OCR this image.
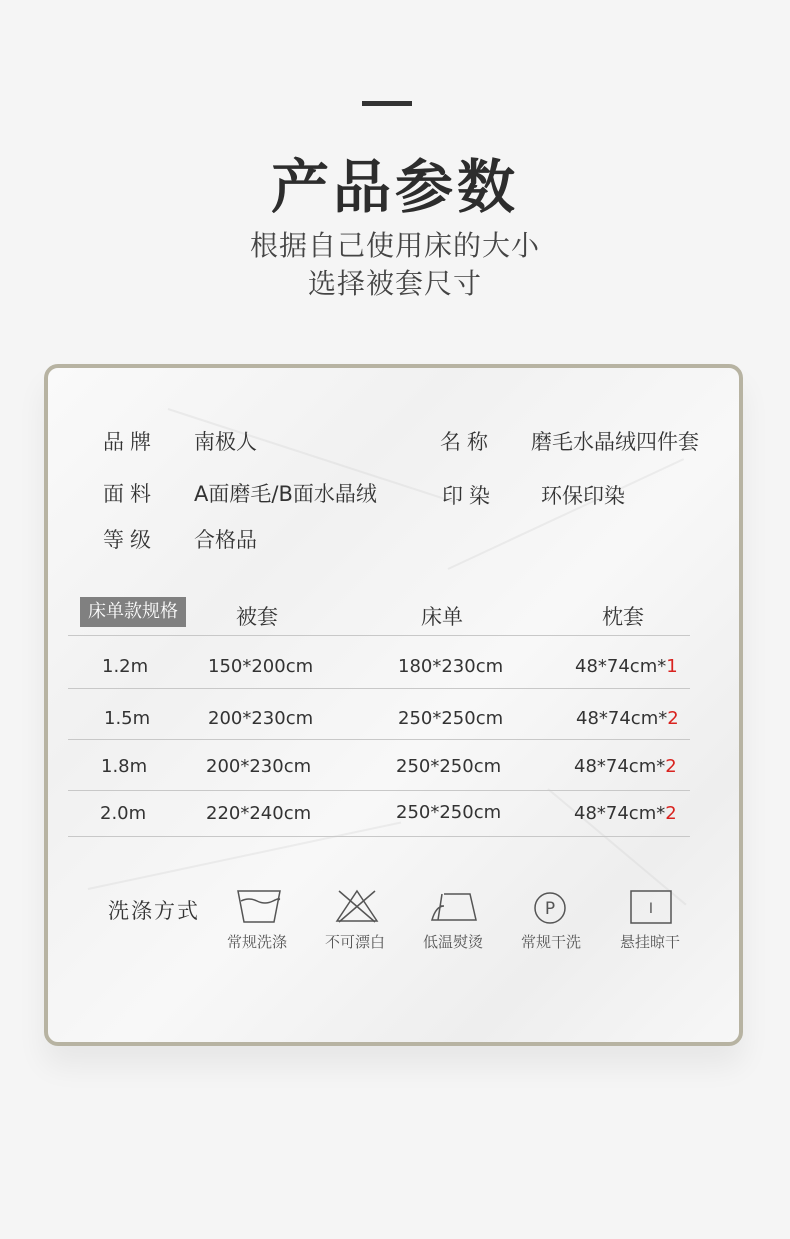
产品参数
根据自己使用床的大小
选择被套尺寸
品牌 南极人	名称 磨毛水晶绒四件套
面料 A面磨毛/B面水晶绒	印染 环保印染
等级 合格品
床单款规格	被套	床单	枕套
1.2m	150*200cm	180*230cm	48*74cm*1
1.5m	200*230cm	250*250cm	48*74cm*2
1.8m	200*230cm	250*250cm	48*74cm*2
2.0m	220*240cm	250*250cm	48*74cm*2
洗涤方式
常规洗涤	不可漂白	低温熨烫
P
常规干洗
I
悬挂晾干
